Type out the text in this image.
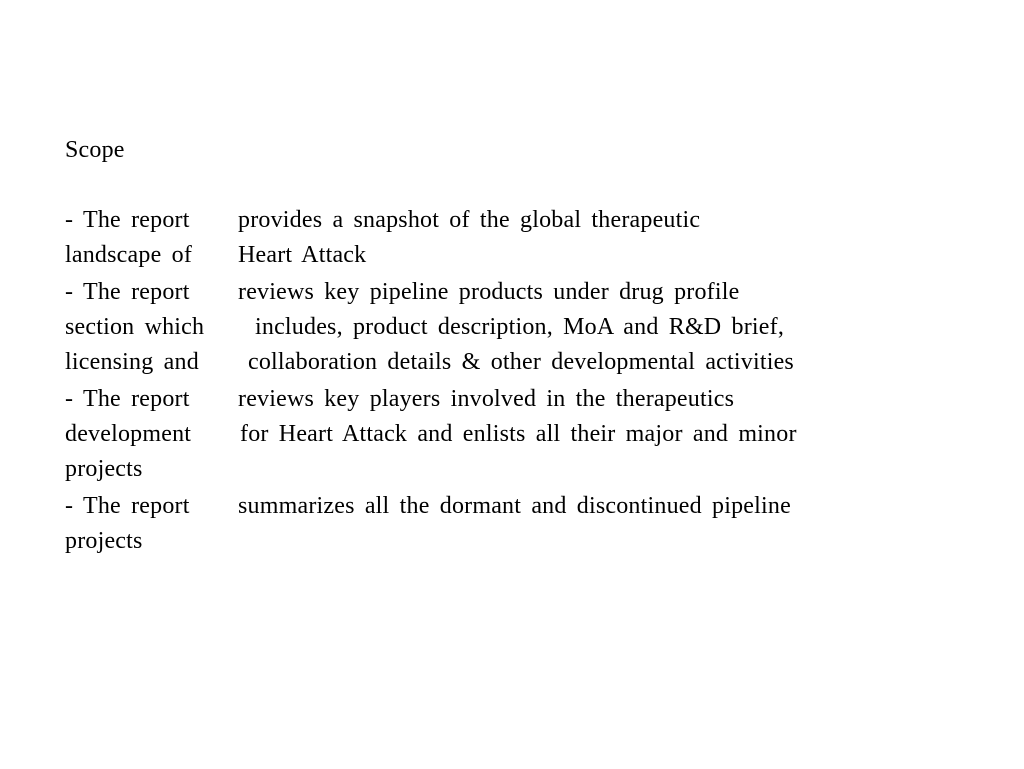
Scope

- The report

provides a snapshot of the global therapeutic

landscape of

Heart Attack

- The report

reviews key pipeline products under drug profile

section which

includes, product description, MoA and R&D brief,

licensing and

collaboration details & other developmental activities

- The report

reviews key players involved in the therapeutics

development

for Heart Attack and enlists all their major and minor

projects

- The report

summarizes all the dormant and discontinued pipeline

projects
